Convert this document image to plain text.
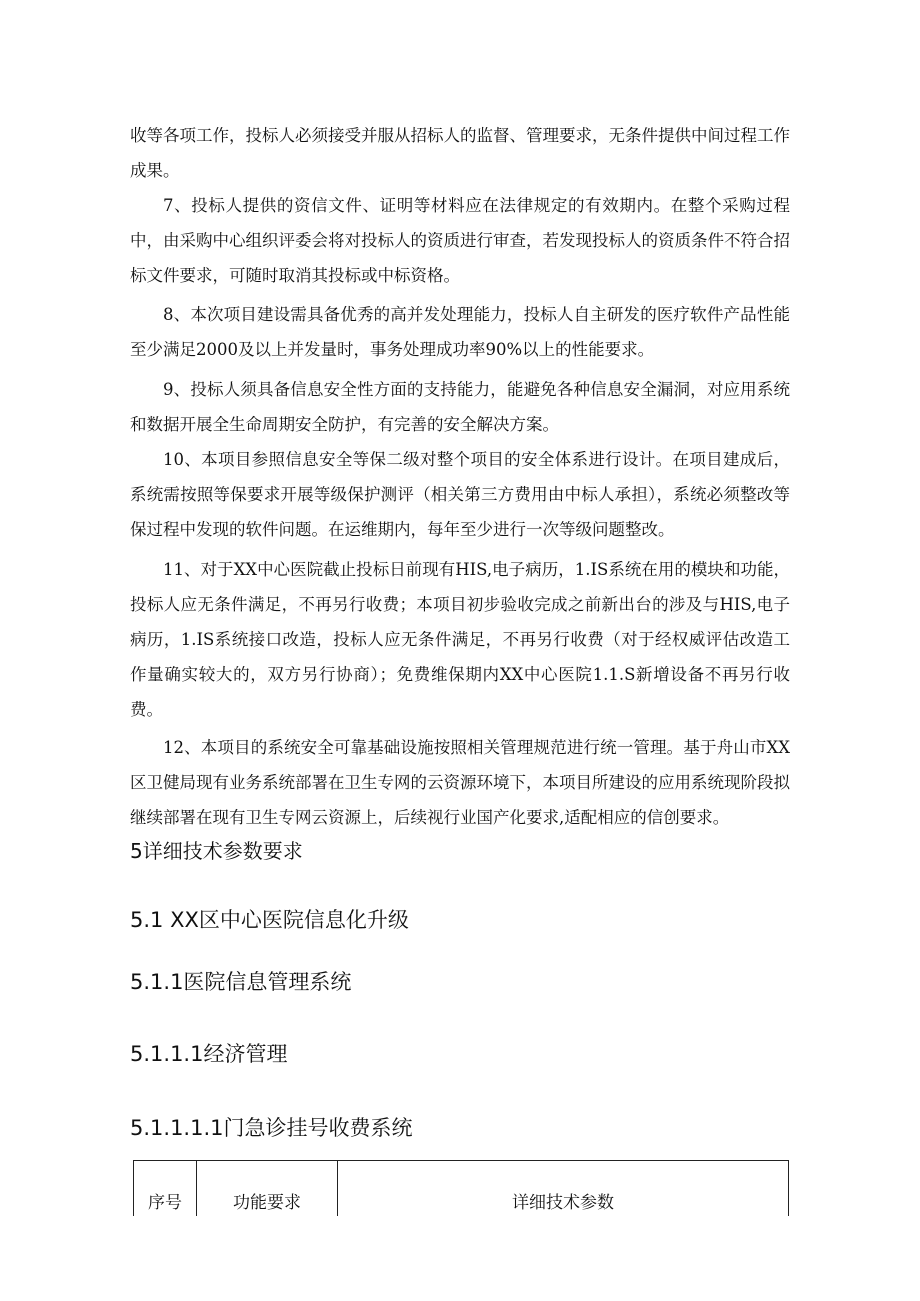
收等各项工作，投标人必须接受并服从招标人的监督、管理要求，无条件提供中间过程工作成果。

7、投标人提供的资信文件、证明等材料应在法律规定的有效期内。在整个采购过程中，由采购中心组织评委会将对投标人的资质进行审查，若发现投标人的资质条件不符合招标文件要求，可随时取消其投标或中标资格。

8、本次项目建设需具备优秀的高并发处理能力，投标人自主研发的医疗软件产品性能至少满足2000及以上并发量时，事务处理成功率90%以上的性能要求。

9、投标人须具备信息安全性方面的支持能力，能避免各种信息安全漏洞，对应用系统和数据开展全生命周期安全防护，有完善的安全解决方案。

10、本项目参照信息安全等保二级对整个项目的安全体系进行设计。在项目建成后，系统需按照等保要求开展等级保护测评（相关第三方费用由中标人承担），系统必须整改等保过程中发现的软件问题。在运维期内，每年至少进行一次等级问题整改。

11、对于XX中心医院截止投标日前现有HIS,电子病历，1.IS系统在用的模块和功能，投标人应无条件满足，不再另行收费；本项目初步验收完成之前新出台的涉及与HIS,电子病历，1.IS系统接口改造，投标人应无条件满足，不再另行收费（对于经权威评估改造工作量确实较大的，双方另行协商）；免费维保期内XX中心医院1.1.S新增设备不再另行收费。

12、本项目的系统安全可靠基础设施按照相关管理规范进行统一管理。基于舟山市XX区卫健局现有业务系统部署在卫生专网的云资源环境下，本项目所建设的应用系统现阶段拟继续部署在现有卫生专网云资源上，后续视行业国产化要求,适配相应的信创要求。

5详细技术参数要求
5.1 XX区中心医院信息化升级
5.1.1医院信息管理系统
5.1.1.1经济管理
5.1.1.1.1门急诊挂号收费系统
序号	功能要求	详细技术参数
